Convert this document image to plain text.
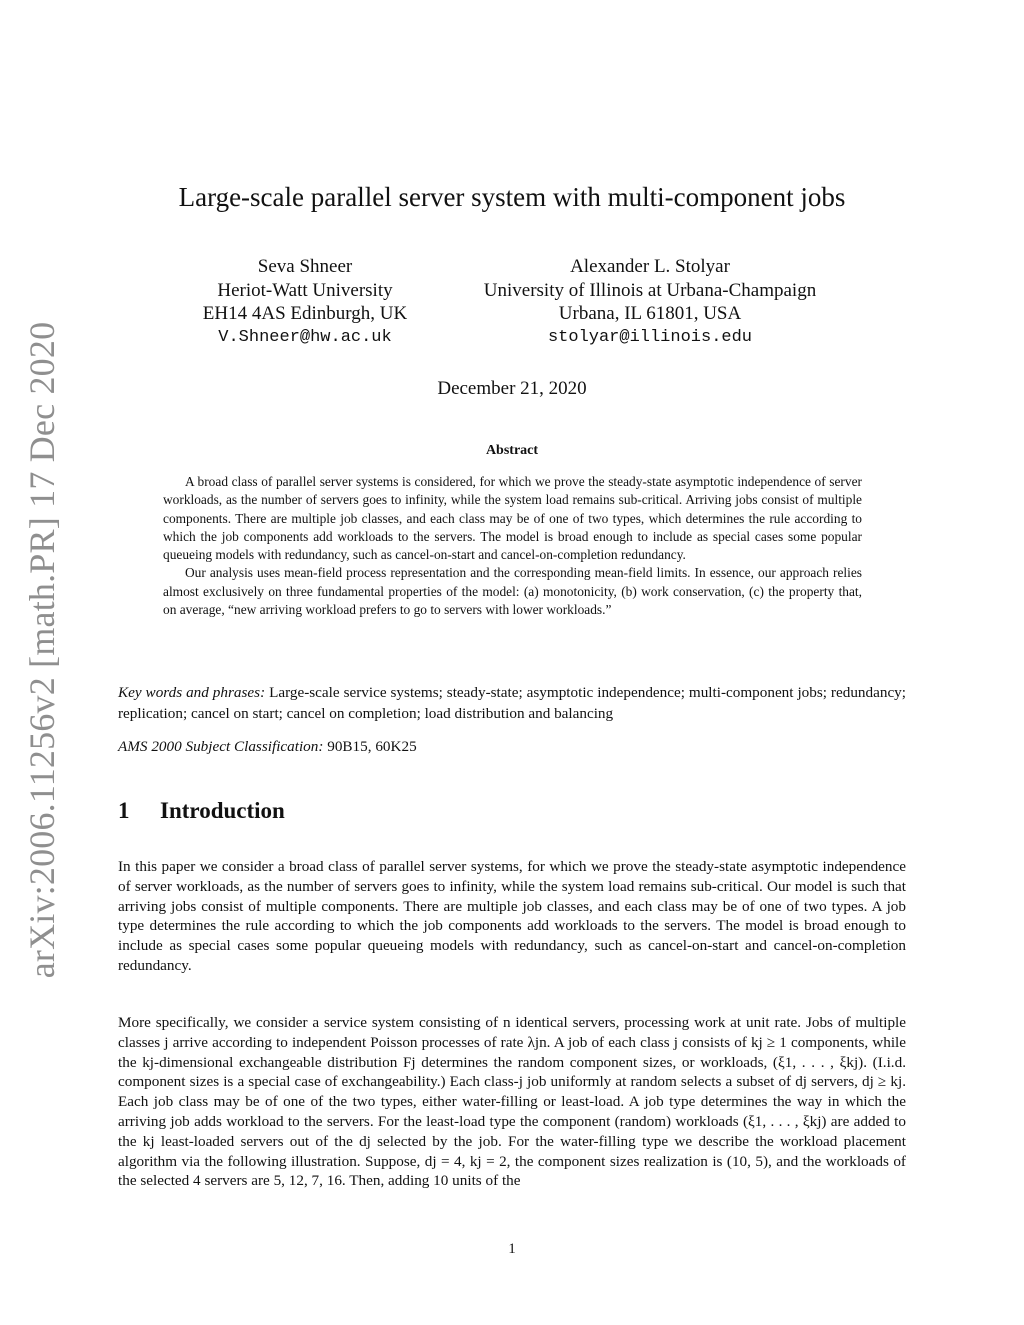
arXiv:2006.11256v2 [math.PR] 17 Dec 2020
Large-scale parallel server system with multi-component jobs
Seva Shneer
Heriot-Watt University
EH14 4AS Edinburgh, UK
V.Shneer@hw.ac.uk
Alexander L. Stolyar
University of Illinois at Urbana-Champaign
Urbana, IL 61801, USA
stolyar@illinois.edu
December 21, 2020
Abstract

A broad class of parallel server systems is considered, for which we prove the steady-state asymptotic independence of server workloads, as the number of servers goes to infinity, while the system load remains sub-critical. Arriving jobs consist of multiple components. There are multiple job classes, and each class may be of one of two types, which determines the rule according to which the job components add workloads to the servers. The model is broad enough to include as special cases some popular queueing models with redundancy, such as cancel-on-start and cancel-on-completion redundancy.

Our analysis uses mean-field process representation and the corresponding mean-field limits. In essence, our approach relies almost exclusively on three fundamental properties of the model: (a) monotonicity, (b) work conservation, (c) the property that, on average, “new arriving workload prefers to go to servers with lower workloads.”

Key words and phrases: Large-scale service systems; steady-state; asymptotic independence; multi-component jobs; redundancy; replication; cancel on start; cancel on completion; load distribution and balancing
AMS 2000 Subject Classification: 90B15, 60K25
1 Introduction

In this paper we consider a broad class of parallel server systems, for which we prove the steady-state asymptotic independence of server workloads, as the number of servers goes to infinity, while the system load remains sub-critical. Our model is such that arriving jobs consist of multiple components. There are multiple job classes, and each class may be of one of two types. A job type determines the rule according to which the job components add workloads to the servers. The model is broad enough to include as special cases some popular queueing models with redundancy, such as cancel-on-start and cancel-on-completion redundancy.

More specifically, we consider a service system consisting of n identical servers, processing work at unit rate. Jobs of multiple classes j arrive according to independent Poisson processes of rate λjn. A job of each class j consists of kj ≥ 1 components, while the kj-dimensional exchangeable distribution Fj determines the random component sizes, or workloads, (ξ1, . . . , ξkj). (I.i.d. component sizes is a special case of exchangeability.) Each class-j job uniformly at random selects a subset of dj servers, dj ≥ kj. Each job class may be of one of the two types, either water-filling or least-load. A job type determines the way in which the arriving job adds workload to the servers. For the least-load type the component (random) workloads (ξ1, . . . , ξkj) are added to the kj least-loaded servers out of the dj selected by the job. For the water-filling type we describe the workload placement algorithm via the following illustration. Suppose, dj = 4, kj = 2, the component sizes realization is (10, 5), and the workloads of the selected 4 servers are 5, 12, 7, 16. Then, adding 10 units of the

1
